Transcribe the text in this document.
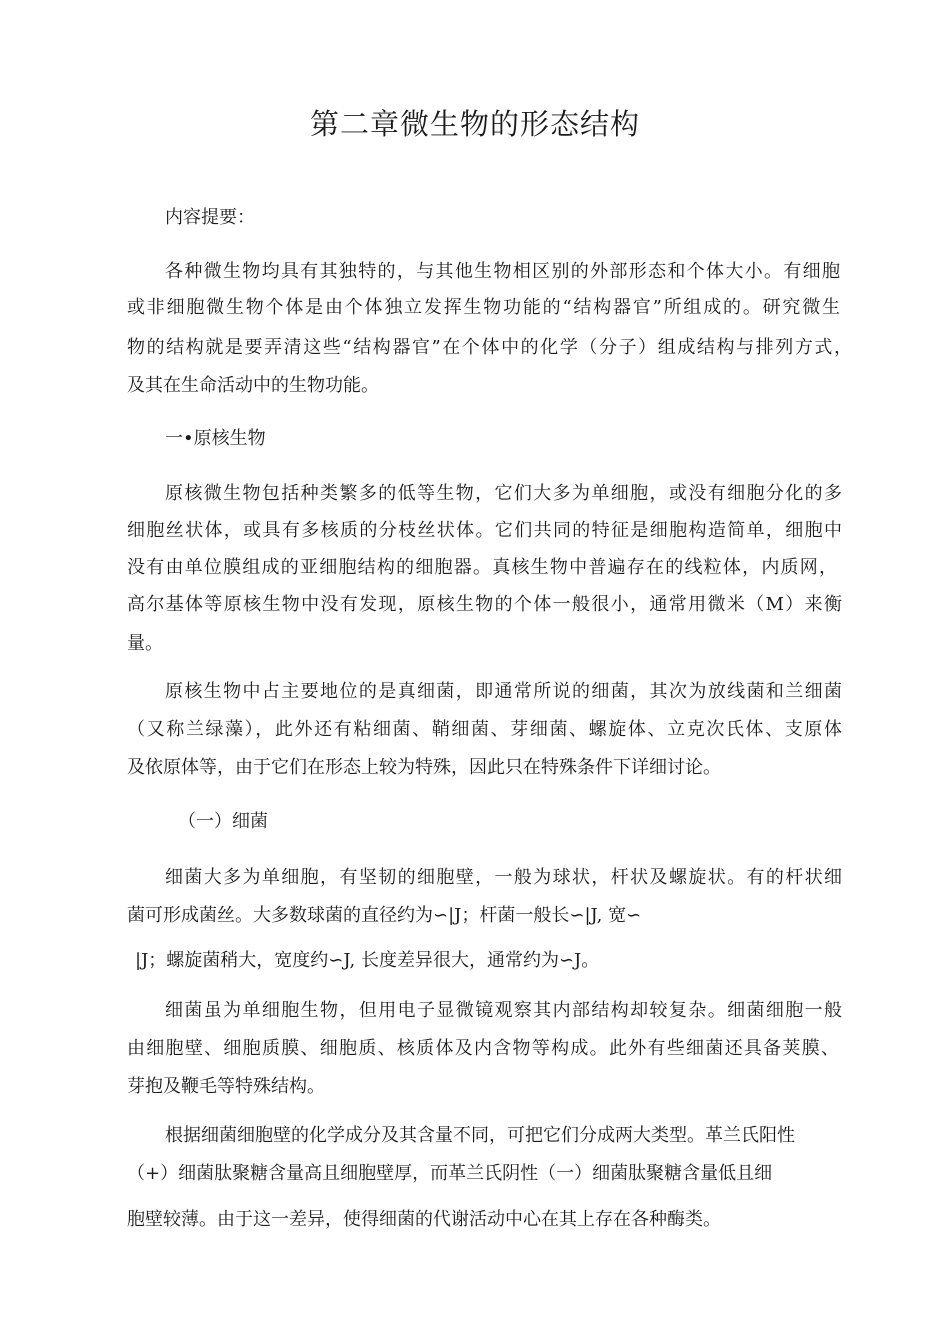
第二章微生物的形态结构
内容提要：
各种微生物均具有其独特的，与其他生物相区别的外部形态和个体大小。有细胞
或非细胞微生物个体是由个体独立发挥生物功能的“结构器官”所组成的。研究微生
物的结构就是要弄清这些“结构器官”在个体中的化学（分子）组成结构与排列方式，
及其在生命活动中的生物功能。
一•原核生物
原核微生物包括种类繁多的低等生物，它们大多为单细胞，或没有细胞分化的多
细胞丝状体，或具有多核质的分枝丝状体。它们共同的特征是细胞构造简单，细胞中
没有由单位膜组成的亚细胞结构的细胞器。真核生物中普遍存在的线粒体，内质网，
高尔基体等原核生物中没有发现，原核生物的个体一般很小，通常用微米（M）来衡
量。
原核生物中占主要地位的是真细菌，即通常所说的细菌，其次为放线菌和兰细菌
（又称兰绿藻），此外还有粘细菌、鞘细菌、芽细菌、螺旋体、立克次氏体、支原体
及依原体等，由于它们在形态上较为特殊，因此只在特殊条件下详细讨论。
（一）细菌
细菌大多为单细胞，有坚韧的细胞壁，一般为球状，杆状及螺旋状。有的杆状细
菌可形成菌丝。大多数球菌的直径约为∽|J；杆菌一般长∽|J, 宽∽
|J；螺旋菌稍大，宽度约∽J, 长度差异很大，通常约为∽J。
细菌虽为单细胞生物，但用电子显微镜观察其内部结构却较复杂。细菌细胞一般
由细胞壁、细胞质膜、细胞质、核质体及内含物等构成。此外有些细菌还具备荚膜、
芽抱及鞭毛等特殊结构。
根据细菌细胞壁的化学成分及其含量不同，可把它们分成两大类型。革兰氏阳性
（+）细菌肽聚糖含量高且细胞壁厚，而革兰氏阴性（一）细菌肽聚糖含量低且细
胞壁较薄。由于这一差异，使得细菌的代谢活动中心在其上存在各种酶类。
